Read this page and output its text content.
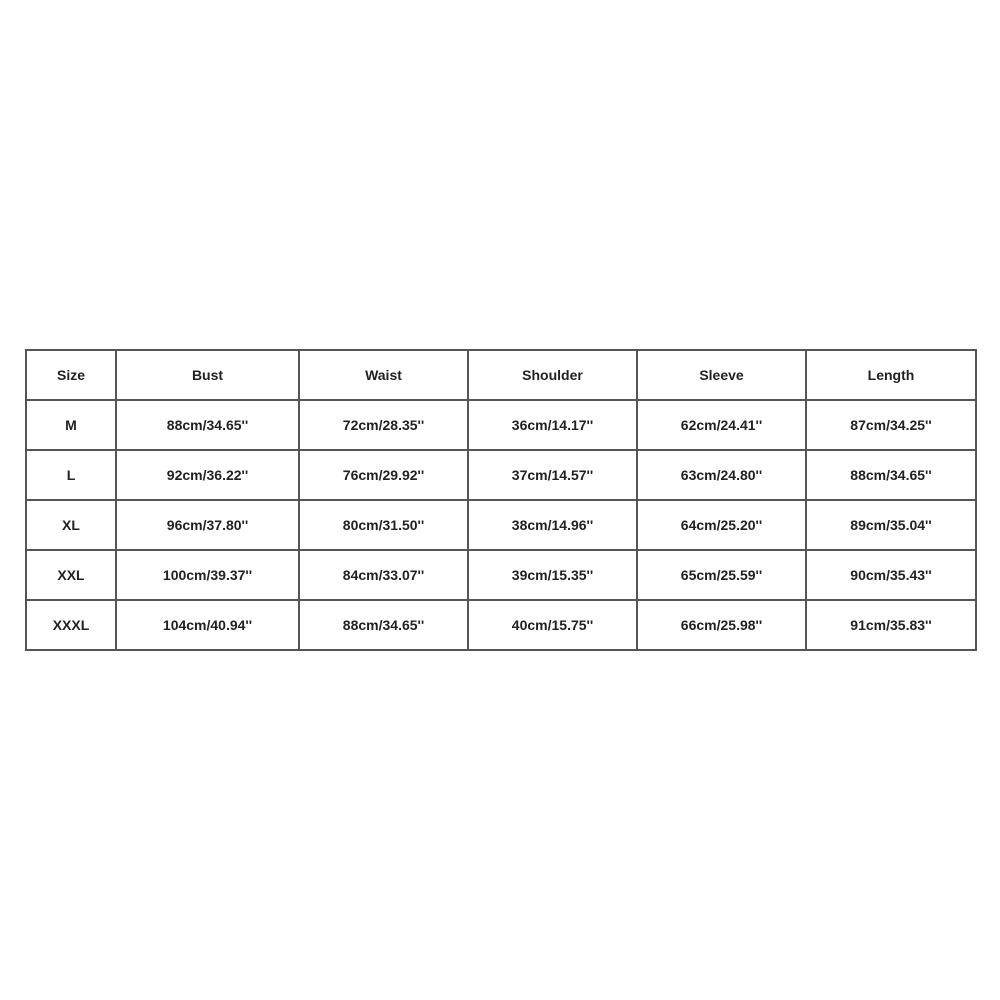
Size	Bust	Waist	Shoulder	Sleeve	Length
M	88cm/34.65''	72cm/28.35''	36cm/14.17''	62cm/24.41''	87cm/34.25''
L	92cm/36.22''	76cm/29.92''	37cm/14.57''	63cm/24.80''	88cm/34.65''
XL	96cm/37.80''	80cm/31.50''	38cm/14.96''	64cm/25.20''	89cm/35.04''
XXL	100cm/39.37''	84cm/33.07''	39cm/15.35''	65cm/25.59''	90cm/35.43''
XXXL	104cm/40.94''	88cm/34.65''	40cm/15.75''	66cm/25.98''	91cm/35.83''
